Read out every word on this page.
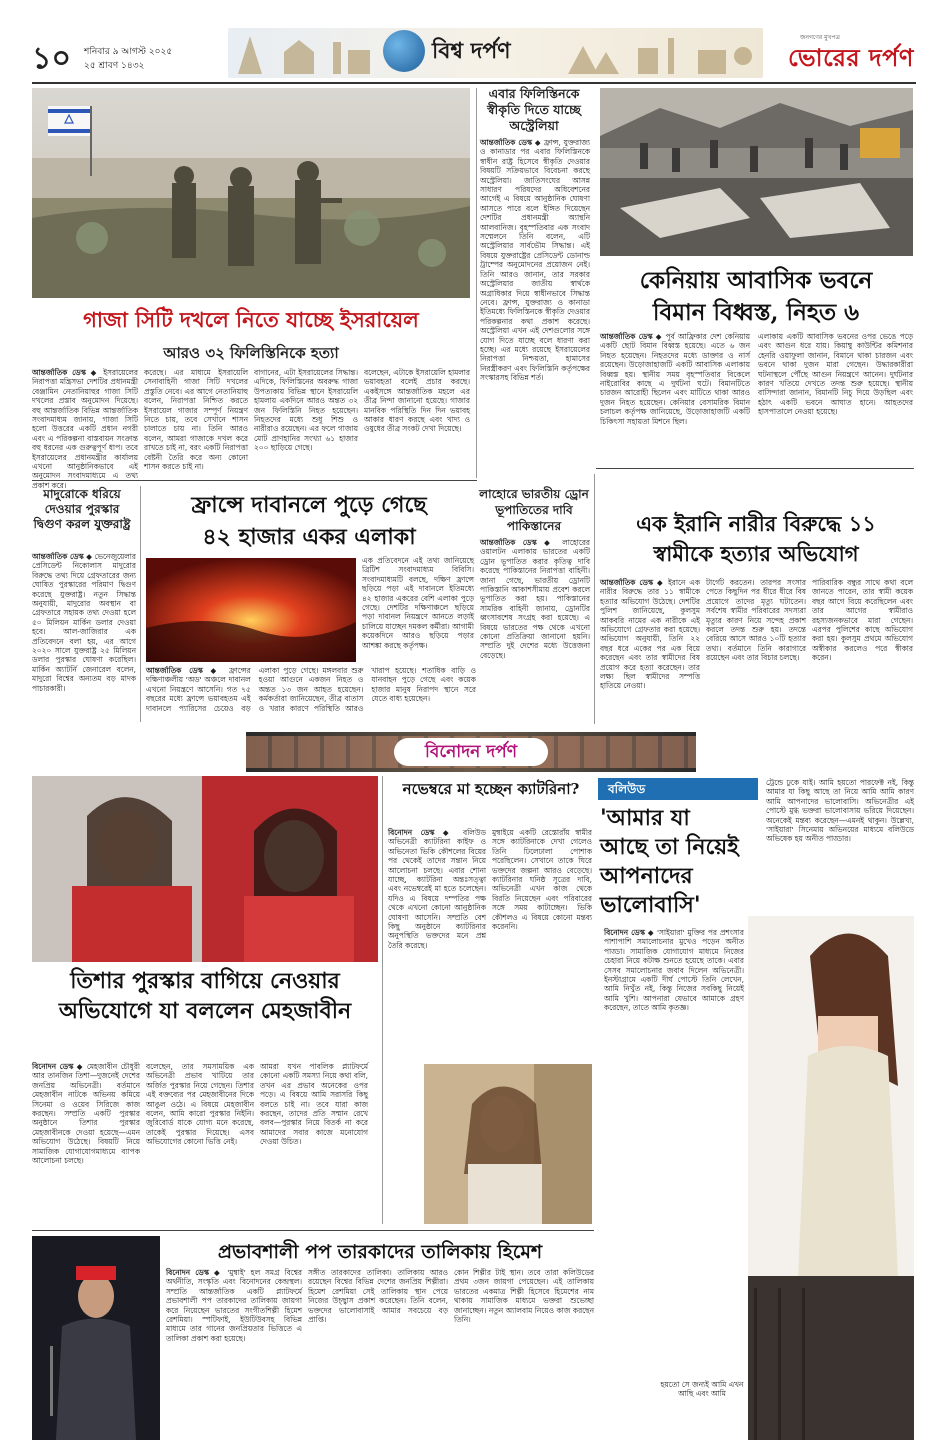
১০ শনিবার ৯ আগস্ট ২০২৫
২৫ শ্রাবণ ১৪৩২
বিশ্ব দর্পণ
জনগণের মুখপত্র
ভোরের দর্পণ
গাজা সিটি দখলে নিতে যাচ্ছে ইসরায়েল
আরও ৩২ ফিলিস্তিনিকে হত্যা
আন্তর্জাতিক ডেস্ক ◆ ইসরায়েলের নিরাপত্তা মন্ত্রিসভা দেশটির প্রধানমন্ত্রী বেঞ্জামিন নেতানিয়াহুর গাজা সিটি দখলের প্রস্তাব অনুমোদন দিয়েছে। বহু আন্তর্জাতিক বিভিন্ন আন্তর্জাতিক সংবাদমাধ্যম জানায়, গাজা সিটি হলো উত্তরের একটি প্রধান নগরী এবং এ পরিকল্পনা বাস্তবায়ন সংক্রান্ত বহু ধরনের এক গুরুত্বপূর্ণ ধাপ। তবে ইসরায়েলের প্রধানমন্ত্রীর কার্যালয় এখনো আনুষ্ঠানিকভাবে এই অনুমোদন সংবাদমাধ্যমে এ তথ্য প্রকাশ করে।
করেছে। এর মাধ্যমে ইসরায়েলি সেনাবাহিনী গাজা সিটি দখলের প্রস্তুতি নেবে। এর আগে নেতানিয়াহু বলেন, নিরাপত্তা নিশ্চিত করতে ইসরায়েল গাজার সম্পূর্ণ নিয়ন্ত্রণ নিতে চায়, তবে সেখানে শাসন চালাতে চায় না। তিনি আরও বলেন, আমরা গাজাকে দখল করে রাখতে চাই না, বরং একটি নিরাপত্তা বেষ্টনী তৈরি করে অন্য কোনো শাসন করতে চাই না।
বাগানের, এটা ইসরায়েলের সিদ্ধান্ত। এদিকে, ফিলিস্তিনের অবরুদ্ধ গাজা উপত্যকায় বিভিন্ন স্থানে ইসরায়েলি হামলায় একদিনে আরও অন্তত ৩২ জন ফিলিস্তিনি নিহত হয়েছেন। নিহতদের মধ্যে শুধু শিশু ও নারীরাও রয়েছেন। এর ফলে গাজায় মোট প্রাণহানির সংখ্যা ৬১ হাজার ২০০ ছাড়িয়ে গেছে।
বলেছেন, এটাকে ইসরায়েলি হামলার ভয়াবহতা বলেই প্রচার করছে। একইসঙ্গে আন্তর্জাতিক মহলে এর তীব্র নিন্দা জানানো হয়েছে। গাজার মানবিক পরিস্থিতি দিন দিন ভয়াবহ আকার ধারণ করছে এবং খাদ্য ও ওষুধের তীব্র সংকট দেখা দিয়েছে।
এবার ফিলিস্তিনকে স্বীকৃতি দিতে যাচ্ছে অস্ট্রেলিয়া
আন্তর্জাতিক ডেস্ক ◆ ফ্রান্স, যুক্তরাজ্য ও কানাডার পর এবার ফিলিস্তিনকে স্বাধীন রাষ্ট্র হিসেবে স্বীকৃতি দেওয়ার বিষয়টি সক্রিয়ভাবে বিবেচনা করছে অস্ট্রেলিয়া। জাতিসংঘের আসন্ন সাধারণ পরিষদের অধিবেশনের আগেই এ বিষয়ে আনুষ্ঠানিক ঘোষণা আসতে পারে বলে ইঙ্গিত দিয়েছেন দেশটির প্রধানমন্ত্রী অ্যান্থনি আলবানিজ। বৃহস্পতিবার এক সংবাদ সম্মেলনে তিনি বলেন, এটি অস্ট্রেলিয়ার সার্বভৌম সিদ্ধান্ত। এই বিষয়ে যুক্তরাষ্ট্রের প্রেসিডেন্ট ডোনাল্ড ট্রাম্পের অনুমোদনের প্রয়োজন নেই। তিনি আরও জানান, তার সরকার অস্ট্রেলিয়ার জাতীয় স্বার্থকে অগ্রাধিকার দিয়ে স্বাধীনভাবে সিদ্ধান্ত নেবে। ফ্রান্স, যুক্তরাজ্য ও কানাডা ইতিমধ্যে ফিলিস্তিনকে স্বীকৃতি দেওয়ার পরিকল্পনার কথা প্রকাশ করেছে। অস্ট্রেলিয়া এখন এই দেশগুলোর সঙ্গে যোগ দিতে যাচ্ছে বলে ধারণা করা হচ্ছে। এর মধ্যে রয়েছে ইসরায়েলের নিরাপত্তা নিশ্চয়তা, হামাসের নিরস্ত্রীকরণ এবং ফিলিস্তিনি কর্তৃপক্ষের সংস্কারসহ বিভিন্ন শর্ত।
কেনিয়ায় আবাসিক ভবনে
বিমান বিধ্বস্ত, নিহত ৬
আন্তর্জাতিক ডেস্ক ◆ পূর্ব আফ্রিকার দেশ কেনিয়ায় একটি ছোট বিমান বিধ্বস্ত হয়েছে। এতে ৬ জন নিহত হয়েছেন। নিহতদের মধ্যে ডাক্তার ও নার্স রয়েছেন। উড়োজাহাজটি একটি আবাসিক এলাকায় বিধ্বস্ত হয়। স্থানীয় সময় বৃহস্পতিবার বিকেলে নাইরোবির কাছে এ দুর্ঘটনা ঘটে। বিমানটিতে চারজন আরোহী ছিলেন এবং মাটিতে থাকা আরও দুজন নিহত হয়েছেন। কেনিয়ার বেসামরিক বিমান চলাচল কর্তৃপক্ষ জানিয়েছে, উড়োজাহাজটি একটি চিকিৎসা সহায়তা মিশনে ছিল।
এলাকায় একটি আবাসিক ভবনের ওপর ভেঙে পড়ে এবং আগুন ধরে যায়। কিয়াম্বু কাউন্টির কমিশনার হেনরি ওয়াফুলা জানান, বিমানে থাকা চারজন এবং ভবনে থাকা দুজন মারা গেছেন। উদ্ধারকারীরা ঘটনাস্থলে পৌঁছে আগুন নিয়ন্ত্রণে আনেন। দুর্ঘটনার কারণ খতিয়ে দেখতে তদন্ত শুরু হয়েছে। স্থানীয় বাসিন্দারা জানান, বিমানটি নিচু দিয়ে উড়ছিল এবং হঠাৎ একটি ভবনে আঘাত হানে। আহতদের হাসপাতালে নেওয়া হয়েছে।
মাদুরোকে ধরিয়ে দেওয়ার পুরস্কার দ্বিগুণ করল যুক্তরাষ্ট্র
আন্তর্জাতিক ডেস্ক ◆ ভেনেজুয়েলার প্রেসিডেন্ট নিকোলাস মাদুরোর বিরুদ্ধে তথ্য দিয়ে গ্রেফতারের জন্য ঘোষিত পুরস্কারের পরিমাণ দ্বিগুণ করেছে যুক্তরাষ্ট্র। নতুন সিদ্ধান্ত অনুযায়ী, মাদুরোর অবস্থান বা গ্রেফতারে সহায়ক তথ্য দেওয়া হলে ৫০ মিলিয়ন মার্কিন ডলার দেওয়া হবে। আল-জাজিরার এক প্রতিবেদনে বলা হয়, এর আগে ২০২০ সালে যুক্তরাষ্ট্র ২৫ মিলিয়ন ডলার পুরস্কার ঘোষণা করেছিল। মার্কিন অ্যাটর্নি জেনারেল বলেন, মাদুরো বিশ্বের অন্যতম বড় মাদক পাচারকারী।
ফ্রান্সে দাবানলে পুড়ে গেছে
৪২ হাজার একর এলাকা
এক প্রতিবেদনে এই তথ্য জানিয়েছে ব্রিটিশ সংবাদমাধ্যম বিবিসি। সংবাদমাধ্যমটি বলছে, দক্ষিণ ফ্রান্সে ছড়িয়ে পড়া এই দাবানলে ইতিমধ্যে ৪২ হাজার একরের বেশি এলাকা পুড়ে গেছে। দেশটির দক্ষিণাঞ্চলে ছড়িয়ে পড়া দাবানল নিয়ন্ত্রণে আনতে লড়াই চালিয়ে যাচ্ছেন দমকল কর্মীরা। আগামী কয়েকদিনে আরও ছড়িয়ে পড়ার আশঙ্কা করছে কর্তৃপক্ষ।
আন্তর্জাতিক ডেস্ক ◆ ফ্রান্সের দক্ষিণাঞ্চলীয় 'অড' অঞ্চলে দাবানল এখনো নিয়ন্ত্রণে আসেনি। গত ৭৫ বছরের মধ্যে ফ্রান্সে ভয়াবহতম এই দাবানলে প্যারিসের চেয়েও বড় এলাকা পুড়ে গেছে। মঙ্গলবার শুরু হওয়া আগুনে একজন নিহত ও অন্তত ১৩ জন আহত হয়েছেন। কর্মকর্তারা জানিয়েছেন, তীব্র বাতাস ও খরার কারণে পরিস্থিতি আরও খারাপ হয়েছে। শতাধিক বাড়ি ও যানবাহন পুড়ে গেছে এবং কয়েক হাজার মানুষ নিরাপদ স্থানে সরে যেতে বাধ্য হয়েছেন।
লাহোরে ভারতীয় ড্রোন ভূপাতিতের দাবি পাকিস্তানের
আন্তর্জাতিক ডেস্ক ◆ লাহোরের ওয়ালটন এলাকায় ভারতের একটি ড্রোন ভূপাতিত করার কৃতিত্ব দাবি করেছে পাকিস্তানের নিরাপত্তা বাহিনী। জানা গেছে, ভারতীয় ড্রোনটি পাকিস্তানি আকাশসীমায় প্রবেশ করলে ভূপাতিত করা হয়। পাকিস্তানের সামরিক বাহিনী জানায়, ড্রোনটির ধ্বংসাবশেষ সংগ্রহ করা হয়েছে। এ বিষয়ে ভারতের পক্ষ থেকে এখনো কোনো প্রতিক্রিয়া জানানো হয়নি। সম্প্রতি দুই দেশের মধ্যে উত্তেজনা বেড়েছে।
এক ইরানি নারীর বিরুদ্ধে ১১
স্বামীকে হত্যার অভিযোগ
আন্তর্জাতিক ডেস্ক ◆ ইরানে এক নারীর বিরুদ্ধে তার ১১ স্বামীকে হত্যার অভিযোগ উঠেছে। দেশটির পুলিশ জানিয়েছে, কুলসুম আকবরি নামের এক নারীকে এই অভিযোগে গ্রেফতার করা হয়েছে। অভিযোগ অনুযায়ী, তিনি ২২ বছর ধরে একের পর এক বিয়ে করেছেন এবং তার স্বামীদের বিষ প্রয়োগ করে হত্যা করেছেন। তার লক্ষ্য ছিল স্বামীদের সম্পত্তি হাতিয়ে নেওয়া।
টার্গেট করতেন। তারপর সংসার পেতে কিছুদিন পর ধীরে ধীরে বিষ প্রয়োগে তাদের মৃত্যু ঘটাতেন। সর্বশেষ স্বামীর পরিবারের সদস্যরা মৃত্যুর কারণ নিয়ে সন্দেহ প্রকাশ করলে তদন্ত শুরু হয়। তদন্তে বেরিয়ে আসে আরও ১০টি হত্যার তথ্য। বর্তমানে তিনি কারাগারে রয়েছেন এবং তার বিচার চলছে।
পারিবারিক বন্ধুর সাথে কথা বলে জানতে পারেন, তার স্বামী কয়েক বছর আগে বিয়ে করেছিলেন এবং তার আগের স্বামীরাও রহস্যজনকভাবে মারা গেছেন। এরপর পুলিশের কাছে অভিযোগ করা হয়। কুলসুম প্রথমে অভিযোগ অস্বীকার করলেও পরে স্বীকার করেন।
বিনোদন দর্পণ
তিশার পুরস্কার বাগিয়ে নেওয়ার অভিযোগে যা বললেন মেহজাবীন
বিনোদন ডেস্ক ◆ মেহজাবীন চৌধুরী আর তানজিন তিশা—দুজনেই দেশের জনপ্রিয় অভিনেত্রী। বর্তমানে মেহজাবীন নাটকে অভিনয় কমিয়ে সিনেমা ও ওয়েব সিরিজে কাজ করছেন। সম্প্রতি একটি পুরস্কার অনুষ্ঠানে তিশার পুরস্কার মেহজাবীনকে দেওয়া হয়েছে—এমন অভিযোগ উঠেছে। বিষয়টি নিয়ে সামাজিক যোগাযোগমাধ্যমে ব্যাপক আলোচনা চলছে।
বলেছেন, তার সমসাময়িক এক অভিনেত্রী প্রভাব খাটিয়ে তার অর্জিত পুরস্কার নিয়ে গেছেন। তিশার এই বক্তব্যের পর মেহজাবীনের দিকে আঙুল ওঠে। এ বিষয়ে মেহজাবীন বলেন, আমি কারো পুরস্কার নিইনি। জুরিবোর্ড যাকে যোগ্য মনে করেছে, তাকেই পুরস্কার দিয়েছে। এসব অভিযোগের কোনো ভিত্তি নেই।
আমরা যখন পাবলিক প্ল্যাটফর্মে কোনো একটি সমস্যা নিয়ে কথা বলি, তখন এর প্রভাব অনেকের ওপর পড়ে। এ বিষয়ে আমি সরাসরি কিছু বলতে চাই না। তবে যারা কাজ করছেন, তাদের প্রতি সম্মান রেখে বলব—পুরস্কার নিয়ে বিতর্ক না করে আমাদের সবার কাজে মনোযোগ দেওয়া উচিত।
নভেম্বরে মা হচ্ছেন ক্যাটরিনা?
বিনোদন ডেস্ক ◆ বলিউড অভিনেত্রী ক্যাটরিনা কাইফ ও অভিনেতা ভিকি কৌশলের বিয়ের পর থেকেই তাদের সন্তান নিয়ে আলোচনা চলছে। এবার শোনা যাচ্ছে, ক্যাটরিনা অন্তঃসত্ত্বা এবং নভেম্বরেই মা হতে চলেছেন। যদিও এ বিষয়ে দম্পতির পক্ষ থেকে এখনো কোনো আনুষ্ঠানিক ঘোষণা আসেনি। সম্প্রতি বেশ কিছু অনুষ্ঠানে ক্যাটরিনার অনুপস্থিতি ভক্তদের মনে প্রশ্ন তৈরি করেছে।
মুম্বাইয়ে একটি রেস্তোরাঁয় স্বামীর সঙ্গে ক্যাটরিনাকে দেখা গেলেও তিনি ঢিলেঢালা পোশাক পরেছিলেন। সেখানে তাকে ঘিরে ভক্তদের জল্পনা আরও বেড়েছে। ক্যাটরিনার ঘনিষ্ঠ সূত্রের দাবি, অভিনেত্রী এখন কাজ থেকে বিরতি নিয়েছেন এবং পরিবারের সঙ্গে সময় কাটাচ্ছেন। ভিকি কৌশলও এ বিষয়ে কোনো মন্তব্য করেননি।
বলিউড
'আমার যা আছে তা নিয়েই আপনাদের ভালোবাসি'
ট্রেন্ডে ঢুকে যাই। আমি হয়তো পারফেক্ট নই, কিন্তু আমার যা কিছু আছে তা নিয়ে আমি আমি কারণ আমি আপনাদের ভালোবাসি। অভিনেত্রীর এই পোস্টে মুগ্ধ ভক্তরা ভালোবাসায় ভরিয়ে দিয়েছেন। অনেকেই মন্তব্য করেছেন—এমনই থাকুন। উল্লেখ্য, 'সাইয়ারা' সিনেমায় অভিনয়ের মাধ্যমে বলিউডে অভিষেক হয় অনীত পাড্ডার।
বিনোদন ডেস্ক ◆ 'সাইয়ারা' মুক্তির পর প্রশংসার পাশাপাশি সমালোচনার মুখেও পড়েন অনীত পাড্ডা। সামাজিক যোগাযোগ মাধ্যমে নিজের চেহারা নিয়ে কটাক্ষ শুনতে হয়েছে তাকে। এবার সেসব সমালোচনার জবাব দিলেন অভিনেত্রী। ইনস্টাগ্রামে একটি দীর্ঘ পোস্টে তিনি লেখেন, আমি নিখুঁত নই, কিন্তু নিজের সবকিছু নিয়েই আমি খুশি। আপনারা যেভাবে আমাকে গ্রহণ করেছেন, তাতে আমি কৃতজ্ঞ।
হয়তো সে জন্যই আমি এখন আছি এবং আমি
প্রভাবশালী পপ তারকাদের তালিকায় হিমেশ
বিনোদন ডেস্ক ◆ 'মুম্বাই' হল সমগ্র বিশ্বের অর্থনীতি, সংস্কৃতি এবং বিনোদনের কেন্দ্রস্থল। সম্প্রতি আন্তর্জাতিক একটি প্ল্যাটফর্মে প্রভাবশালী পপ তারকাদের তালিকায় জায়গা করে নিয়েছেন ভারতের সংগীতশিল্পী হিমেশ রেশমিয়া। স্পটিফাই, ইউটিউবসহ বিভিন্ন মাধ্যমে তার গানের জনপ্রিয়তার ভিত্তিতে এ তালিকা প্রকাশ করা হয়েছে।
সঙ্গীত তারকাদের তালিকা। তালিকায় আরও রয়েছেন বিশ্বের বিভিন্ন দেশের জনপ্রিয় শিল্পীরা। হিমেশ রেশমিয়া সেই তালিকায় স্থান পেয়ে নিজের উচ্ছ্বাস প্রকাশ করেছেন। তিনি বলেন, ভক্তদের ভালোবাসাই আমার সবচেয়ে বড় প্রাপ্তি।
কোন শিল্পীর টাই স্থান। তবে তারা কলিউডের প্রথম ৩জন জায়গা পেয়েছেন। এই তালিকায় ভারতের একমাত্র শিল্পী হিসেবে হিমেশের নাম থাকায় সামাজিক মাধ্যমে ভক্তরা শুভেচ্ছা জানাচ্ছেন। নতুন অ্যালবাম নিয়েও কাজ করছেন তিনি।
